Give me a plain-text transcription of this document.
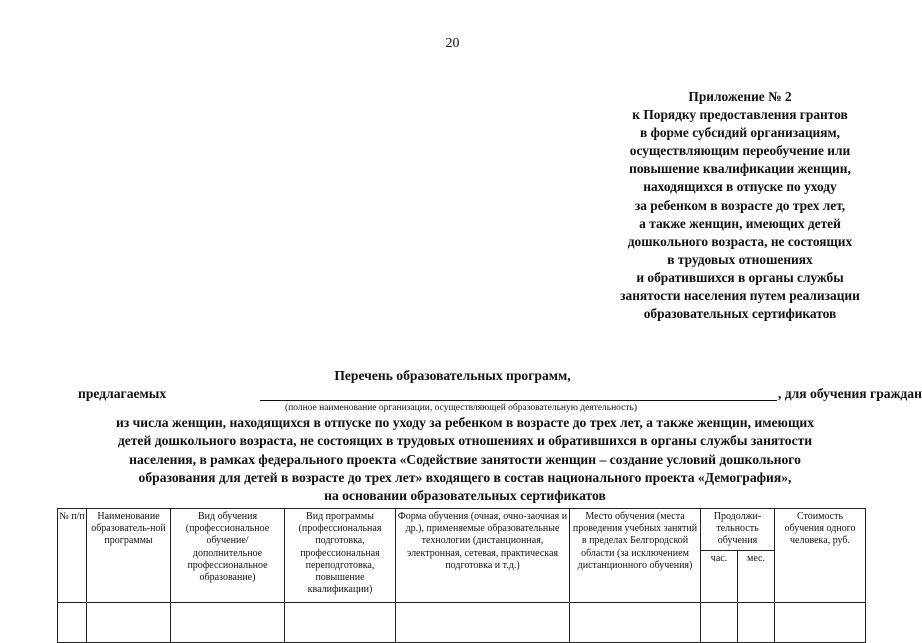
20
Приложение № 2
к Порядку предоставления грантов
в форме субсидий организациям,
осуществляющим переобучение или
повышение квалификации женщин,
находящихся в отпуске по уходу
за ребенком в возрасте до трех лет,
а также женщин, имеющих детей
дошкольного возраста, не состоящих
в трудовых отношениях
и обратившихся в органы службы
занятости населения путем реализации
образовательных сертификатов
Перечень образовательных программ,
предлагаемых	, для обучения граждан
(полное наименование организации, осуществляющей образовательную деятельность)
из числа женщин, находящихся в отпуске по уходу за ребенком в возрасте до трех лет, а также женщин, имеющих
детей дошкольного возраста, не состоящих в трудовых отношениях и обратившихся в органы службы занятости
населения, в рамках федерального проекта «Содействие занятости женщин – создание условий дошкольного
образования для детей в возрасте до трех лет» входящего в состав национального проекта «Демография»,
на основании образовательных сертификатов
№ п/п	Наименование образователь-ной программы	Вид обучения (профессиональное обучение/ дополнительное профессиональное образование)	Вид программы (профессиональная подготовка, профессиональная переподготовка, повышение квалификации)	Форма обучения (очная, очно-заочная и др.), применяемые образовательные технологии (дистанционная, электронная, сетевая, практическая подготовка и т.д.)	Место обучения (места проведения учебных занятий в пределах Белгородской области (за исключением дистанционного обучения)	Продолжи-тельность обучения		Стоимость обучения одного человека, руб.
						час.	мес.	
